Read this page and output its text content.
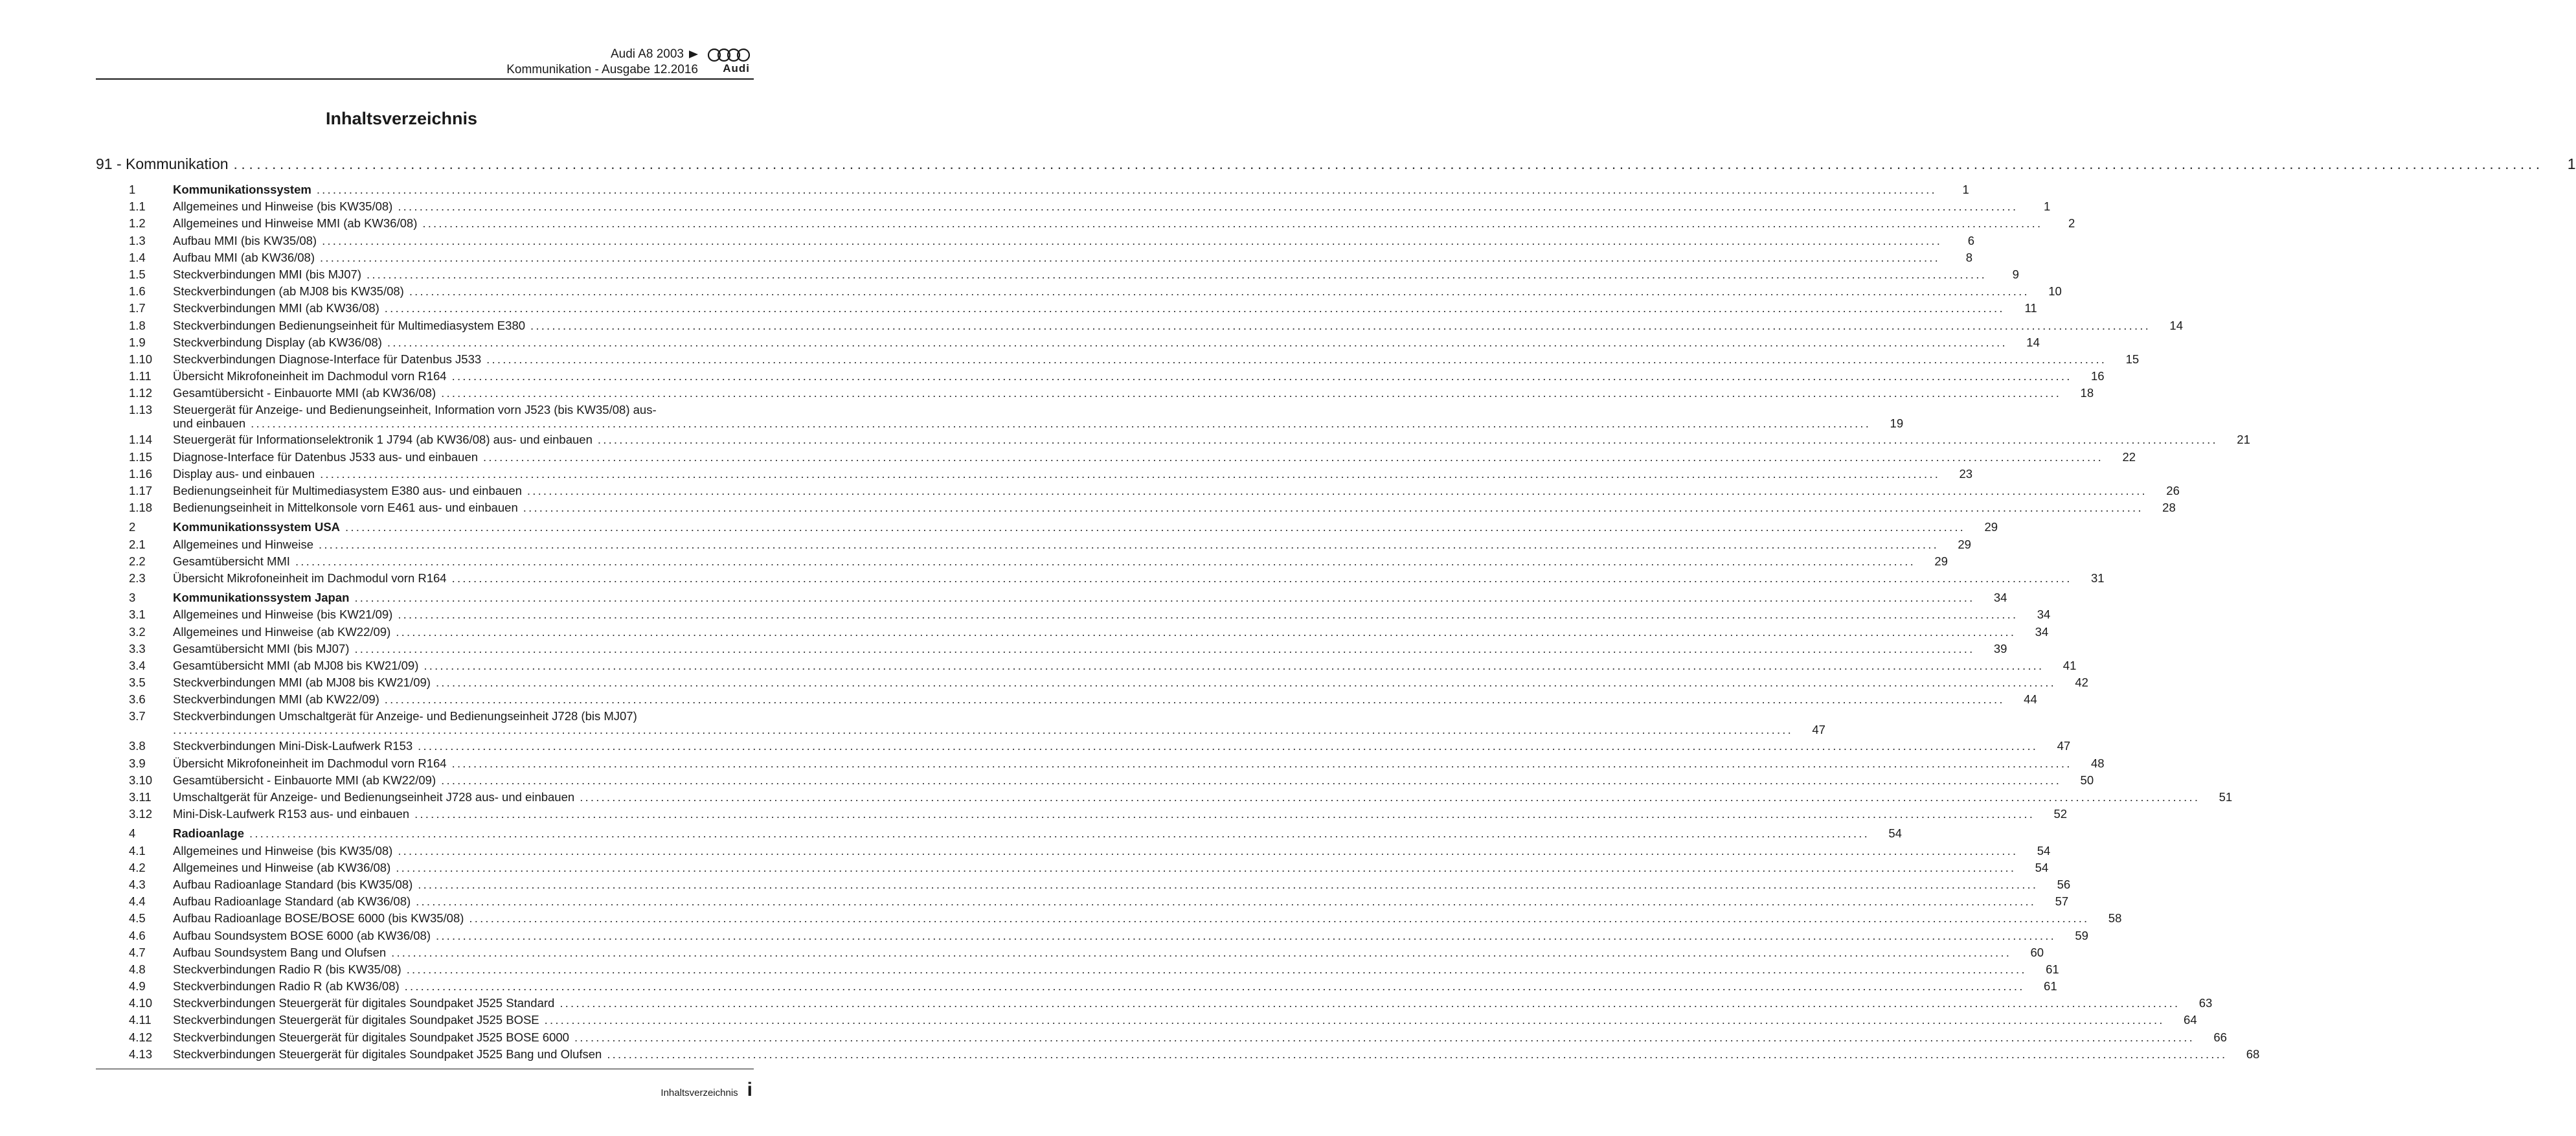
Audi A8 2003
Kommunikation - Ausgabe 12.2016 Audi
Inhaltsverzeichnis
91 - Kommunikation ............................................................................................................................................................................................................................................................................................................	1
1	Kommunikationssystem ............................................................................................................................................................................................................................................................................................................	1
1.1	Allgemeines und Hinweise (bis KW35/08) ............................................................................................................................................................................................................................................................................................................	1
1.2	Allgemeines und Hinweise MMI (ab KW36/08) ............................................................................................................................................................................................................................................................................................................	2
1.3	Aufbau MMI (bis KW35/08) ............................................................................................................................................................................................................................................................................................................	6
1.4	Aufbau MMI (ab KW36/08) ............................................................................................................................................................................................................................................................................................................	8
1.5	Steckverbindungen MMI (bis MJ07) ............................................................................................................................................................................................................................................................................................................	9
1.6	Steckverbindungen (ab MJ08 bis KW35/08) ............................................................................................................................................................................................................................................................................................................	10
1.7	Steckverbindungen MMI (ab KW36/08) ............................................................................................................................................................................................................................................................................................................	11
1.8	Steckverbindungen Bedienungseinheit für Multimediasystem E380 ............................................................................................................................................................................................................................................................................................................	14
1.9	Steckverbindung Display (ab KW36/08) ............................................................................................................................................................................................................................................................................................................	14
1.10	Steckverbindungen Diagnose-Interface für Datenbus J533 ............................................................................................................................................................................................................................................................................................................	15
1.11	Übersicht Mikrofoneinheit im Dachmodul vorn R164 ............................................................................................................................................................................................................................................................................................................	16
1.12	Gesamtübersicht - Einbauorte MMI (ab KW36/08) ............................................................................................................................................................................................................................................................................................................	18
1.13	Steuergerät für Anzeige- und Bedienungseinheit, Information vorn J523 (bis KW35/08) aus-
und einbauen ............................................................................................................................................................................................................................................................................................................	19
1.14	Steuergerät für Informationselektronik 1 J794 (ab KW36/08) aus- und einbauen ............................................................................................................................................................................................................................................................................................................	21
1.15	Diagnose-Interface für Datenbus J533 aus- und einbauen ............................................................................................................................................................................................................................................................................................................	22
1.16	Display aus- und einbauen ............................................................................................................................................................................................................................................................................................................	23
1.17	Bedienungseinheit für Multimediasystem E380 aus- und einbauen ............................................................................................................................................................................................................................................................................................................	26
1.18	Bedienungseinheit in Mittelkonsole vorn E461 aus- und einbauen ............................................................................................................................................................................................................................................................................................................	28
2	Kommunikationssystem USA ............................................................................................................................................................................................................................................................................................................	29
2.1	Allgemeines und Hinweise ............................................................................................................................................................................................................................................................................................................	29
2.2	Gesamtübersicht MMI ............................................................................................................................................................................................................................................................................................................	29
2.3	Übersicht Mikrofoneinheit im Dachmodul vorn R164 ............................................................................................................................................................................................................................................................................................................	31
3	Kommunikationssystem Japan ............................................................................................................................................................................................................................................................................................................	34
3.1	Allgemeines und Hinweise (bis KW21/09) ............................................................................................................................................................................................................................................................................................................	34
3.2	Allgemeines und Hinweise (ab KW22/09) ............................................................................................................................................................................................................................................................................................................	34
3.3	Gesamtübersicht MMI (bis MJ07) ............................................................................................................................................................................................................................................................................................................	39
3.4	Gesamtübersicht MMI (ab MJ08 bis KW21/09) ............................................................................................................................................................................................................................................................................................................	41
3.5	Steckverbindungen MMI (ab MJ08 bis KW21/09) ............................................................................................................................................................................................................................................................................................................	42
3.6	Steckverbindungen MMI (ab KW22/09) ............................................................................................................................................................................................................................................................................................................	44
3.7	Steckverbindungen Umschaltgerät für Anzeige- und Bedienungseinheit J728 (bis MJ07)
............................................................................................................................................................................................................................................................................................................	47
3.8	Steckverbindungen Mini-Disk-Laufwerk R153 ............................................................................................................................................................................................................................................................................................................	47
3.9	Übersicht Mikrofoneinheit im Dachmodul vorn R164 ............................................................................................................................................................................................................................................................................................................	48
3.10	Gesamtübersicht - Einbauorte MMI (ab KW22/09) ............................................................................................................................................................................................................................................................................................................	50
3.11	Umschaltgerät für Anzeige- und Bedienungseinheit J728 aus- und einbauen ............................................................................................................................................................................................................................................................................................................	51
3.12	Mini-Disk-Laufwerk R153 aus- und einbauen ............................................................................................................................................................................................................................................................................................................	52
4	Radioanlage ............................................................................................................................................................................................................................................................................................................	54
4.1	Allgemeines und Hinweise (bis KW35/08) ............................................................................................................................................................................................................................................................................................................	54
4.2	Allgemeines und Hinweise (ab KW36/08) ............................................................................................................................................................................................................................................................................................................	54
4.3	Aufbau Radioanlage Standard (bis KW35/08) ............................................................................................................................................................................................................................................................................................................	56
4.4	Aufbau Radioanlage Standard (ab KW36/08) ............................................................................................................................................................................................................................................................................................................	57
4.5	Aufbau Radioanlage BOSE/BOSE 6000 (bis KW35/08) ............................................................................................................................................................................................................................................................................................................	58
4.6	Aufbau Soundsystem BOSE 6000 (ab KW36/08) ............................................................................................................................................................................................................................................................................................................	59
4.7	Aufbau Soundsystem Bang und Olufsen ............................................................................................................................................................................................................................................................................................................	60
4.8	Steckverbindungen Radio R (bis KW35/08) ............................................................................................................................................................................................................................................................................................................	61
4.9	Steckverbindungen Radio R (ab KW36/08) ............................................................................................................................................................................................................................................................................................................	61
4.10	Steckverbindungen Steuergerät für digitales Soundpaket J525 Standard ............................................................................................................................................................................................................................................................................................................	63
4.11	Steckverbindungen Steuergerät für digitales Soundpaket J525 BOSE ............................................................................................................................................................................................................................................................................................................	64
4.12	Steckverbindungen Steuergerät für digitales Soundpaket J525 BOSE 6000 ............................................................................................................................................................................................................................................................................................................	66
4.13	Steckverbindungen Steuergerät für digitales Soundpaket J525 Bang und Olufsen ............................................................................................................................................................................................................................................................................................................	68
Inhaltsverzeichnis i
